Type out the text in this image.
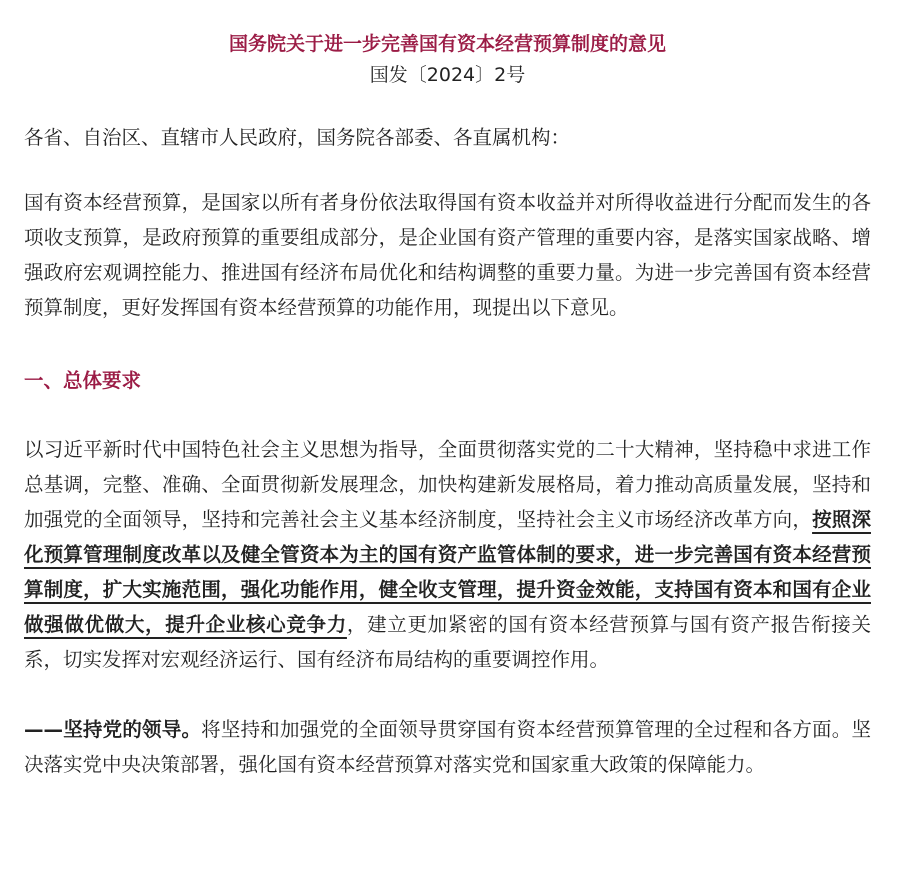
国务院关于进一步完善国有资本经营预算制度的意见

国发〔2024〕2号

各省、自治区、直辖市人民政府，国务院各部委、各直属机构：

国有资本经营预算，是国家以所有者身份依法取得国有资本收益并对所得收益进行分配而发生的各项收支预算，是政府预算的重要组成部分，是企业国有资产管理的重要内容，是落实国家战略、增强政府宏观调控能力、推进国有经济布局优化和结构调整的重要力量。为进一步完善国有资本经营预算制度，更好发挥国有资本经营预算的功能作用，现提出以下意见。

一、总体要求

以习近平新时代中国特色社会主义思想为指导，全面贯彻落实党的二十大精神，坚持稳中求进工作总基调，完整、准确、全面贯彻新发展理念，加快构建新发展格局，着力推动高质量发展，坚持和加强党的全面领导，坚持和完善社会主义基本经济制度，坚持社会主义市场经济改革方向，按照深化预算管理制度改革以及健全管资本为主的国有资产监管体制的要求，进一步完善国有资本经营预算制度，扩大实施范围，强化功能作用，健全收支管理，提升资金效能，支持国有资本和国有企业做强做优做大，提升企业核心竞争力，建立更加紧密的国有资本经营预算与国有资产报告衔接关系，切实发挥对宏观经济运行、国有经济布局结构的重要调控作用。

——坚持党的领导。将坚持和加强党的全面领导贯穿国有资本经营预算管理的全过程和各方面。坚决落实党中央决策部署，强化国有资本经营预算对落实党和国家重大政策的保障能力。
